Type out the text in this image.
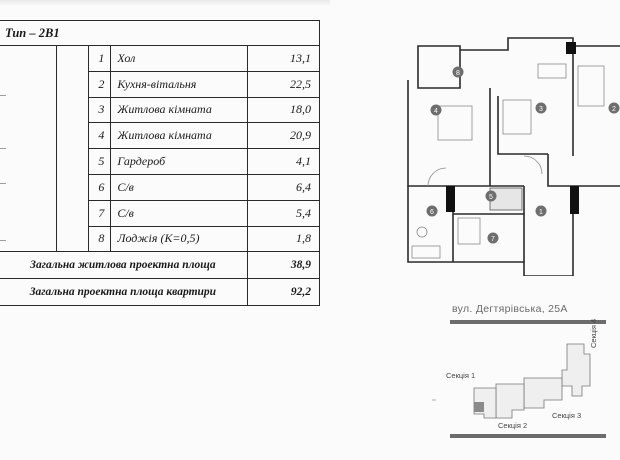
Тип – 2В1				
		1	Хол	13,1
		2	Кухня-вітальня	22,5
		3	Житлова кімната	18,0
		4	Житлова кімната	20,9
		5	Гардероб	4,1
		6	С/в	6,4
		7	С/в	5,4
		8	Лоджія (К=0,5)	1,8
Загальна житлова проектна площа				38,9
Загальна проектна площа квартири				92,2
8
4	3	2
5
6	1
7
вул. Дегтярівська, 25А
Секція 1
Секція 2
Секція 3
Секція 4
